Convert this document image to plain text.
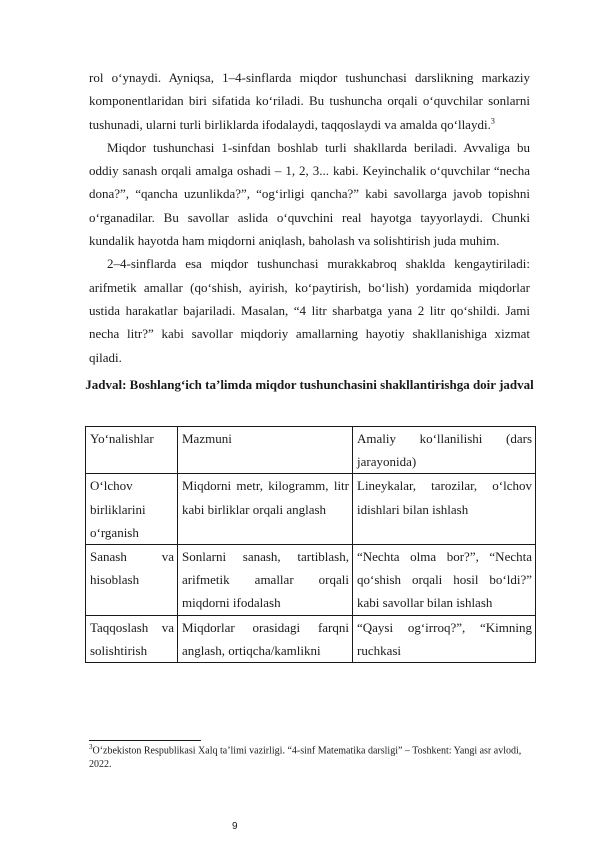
rol o‘ynaydi. Ayniqsa, 1–4-sinflarda miqdor tushunchasi darslikning markaziy komponentlaridan biri sifatida ko‘riladi. Bu tushuncha orqali o‘quvchilar sonlarni tushunadi, ularni turli birliklarda ifodalaydi, taqqoslaydi va amalda qo‘llaydi.$^3$

Miqdor tushunchasi 1-sinfdan boshlab turli shakllarda beriladi. Avvaliga bu oddiy sanash orqali amalga oshadi – 1, 2, 3... kabi. Keyinchalik o‘quvchilar “necha dona?”, “qancha uzunlikda?”, “og‘irligi qancha?” kabi savollarga javob topishni o‘rganadilar. Bu savollar aslida o‘quvchini real hayotga tayyorlaydi. Chunki kundalik hayotda ham miqdorni aniqlash, baholash va solishtirish juda muhim.

2–4-sinflarda esa miqdor tushunchasi murakkabroq shaklda kengaytiriladi: arifmetik amallar (qo‘shish, ayirish, ko‘paytirish, bo‘lish) yordamida miqdorlar ustida harakatlar bajariladi. Masalan, “4 litr sharbatga yana 2 litr qo‘shildi. Jami necha litr?” kabi savollar miqdoriy amallarning hayotiy shakllanishiga xizmat qiladi.

Jadval: Boshlang‘ich ta’limda miqdor tushunchasini shakllantirishga doir jadval
Yo‘nalishlar	Mazmuni	Amaliy ko‘llanilishi (dars jarayonida)
O‘lchov birliklarini o‘rganish	Miqdorni metr, kilogramm, litr kabi birliklar orqali anglash	Lineykalar, tarozilar, o‘lchov idishlari bilan ishlash
Sanash va hisoblash	Sonlarni sanash, tartiblash, arifmetik amallar orqali miqdorni ifodalash	“Nechta olma bor?”, “Nechta qo‘shish orqali hosil bo‘ldi?” kabi savollar bilan ishlash
Taqqoslash va solishtirish	Miqdorlar orasidagi farqni anglash, ortiqcha/kamlikni	“Qaysi og‘irroq?”, “Kimning ruchkasi
$^3$O‘zbekiston Respublikasi Xalq ta’limi vazirligi. “4-sinf Matematika darsligi” – Toshkent: Yangi asr avlodi, 2022.
9
